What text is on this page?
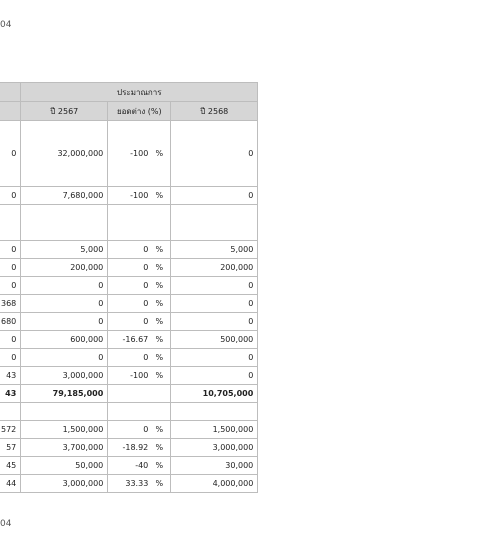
04
	ประมาณการ		
	ปี 2567	ยอดต่าง (%)	ปี 2568
0	32,000,000	-100 %	0
0	7,680,000	-100 %	0

0	5,000	0 %	5,000
0	200,000	0 %	200,000
0	0	0 %	0
368	0	0 %	0
680	0	0 %	0
0	600,000	-16.67 %	500,000
0	0	0 %	0
43	3,000,000	-100 %	0
43	79,185,000		10,705,000

572	1,500,000	0 %	1,500,000
57	3,700,000	-18.92 %	3,000,000
45	50,000	-40 %	30,000
44	3,000,000	33.33 %	4,000,000
04
